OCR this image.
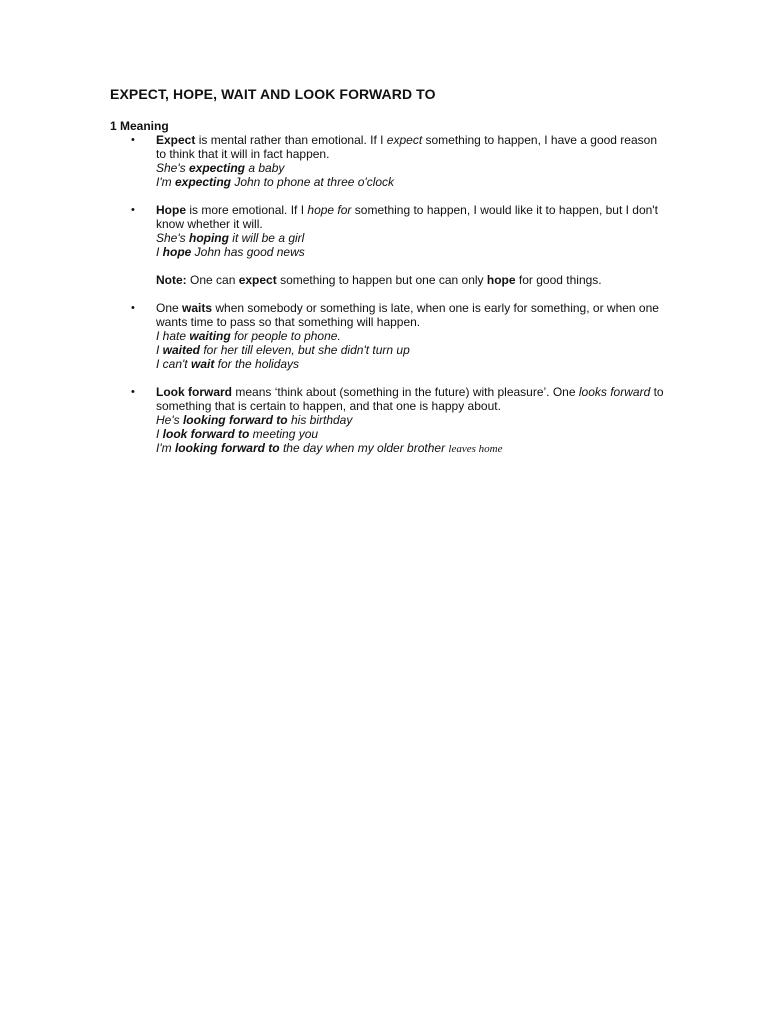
EXPECT, HOPE, WAIT AND LOOK FORWARD TO

1 Meaning

• Expect is mental rather than emotional. If I expect something to happen, I have a good reason to think that it will in fact happen.

She's expecting a baby

I'm expecting John to phone at three o'clock

• Hope is more emotional. If I hope for something to happen, I would like it to happen, but I don't know whether it will.

She's hoping it will be a girl

I hope John has good news

Note: One can expect something to happen but one can only hope for good things.

• One waits when somebody or something is late, when one is early for something, or when one wants time to pass so that something will happen.

I hate waiting for people to phone.

I waited for her till eleven, but she didn't turn up

I can't wait for the holidays

• Look forward means ‘think about (something in the future) with pleasure’. One looks forward to something that is certain to happen, and that one is happy about.

He's looking forward to his birthday

I look forward to meeting you

I'm looking forward to the day when my older brother leaves home
